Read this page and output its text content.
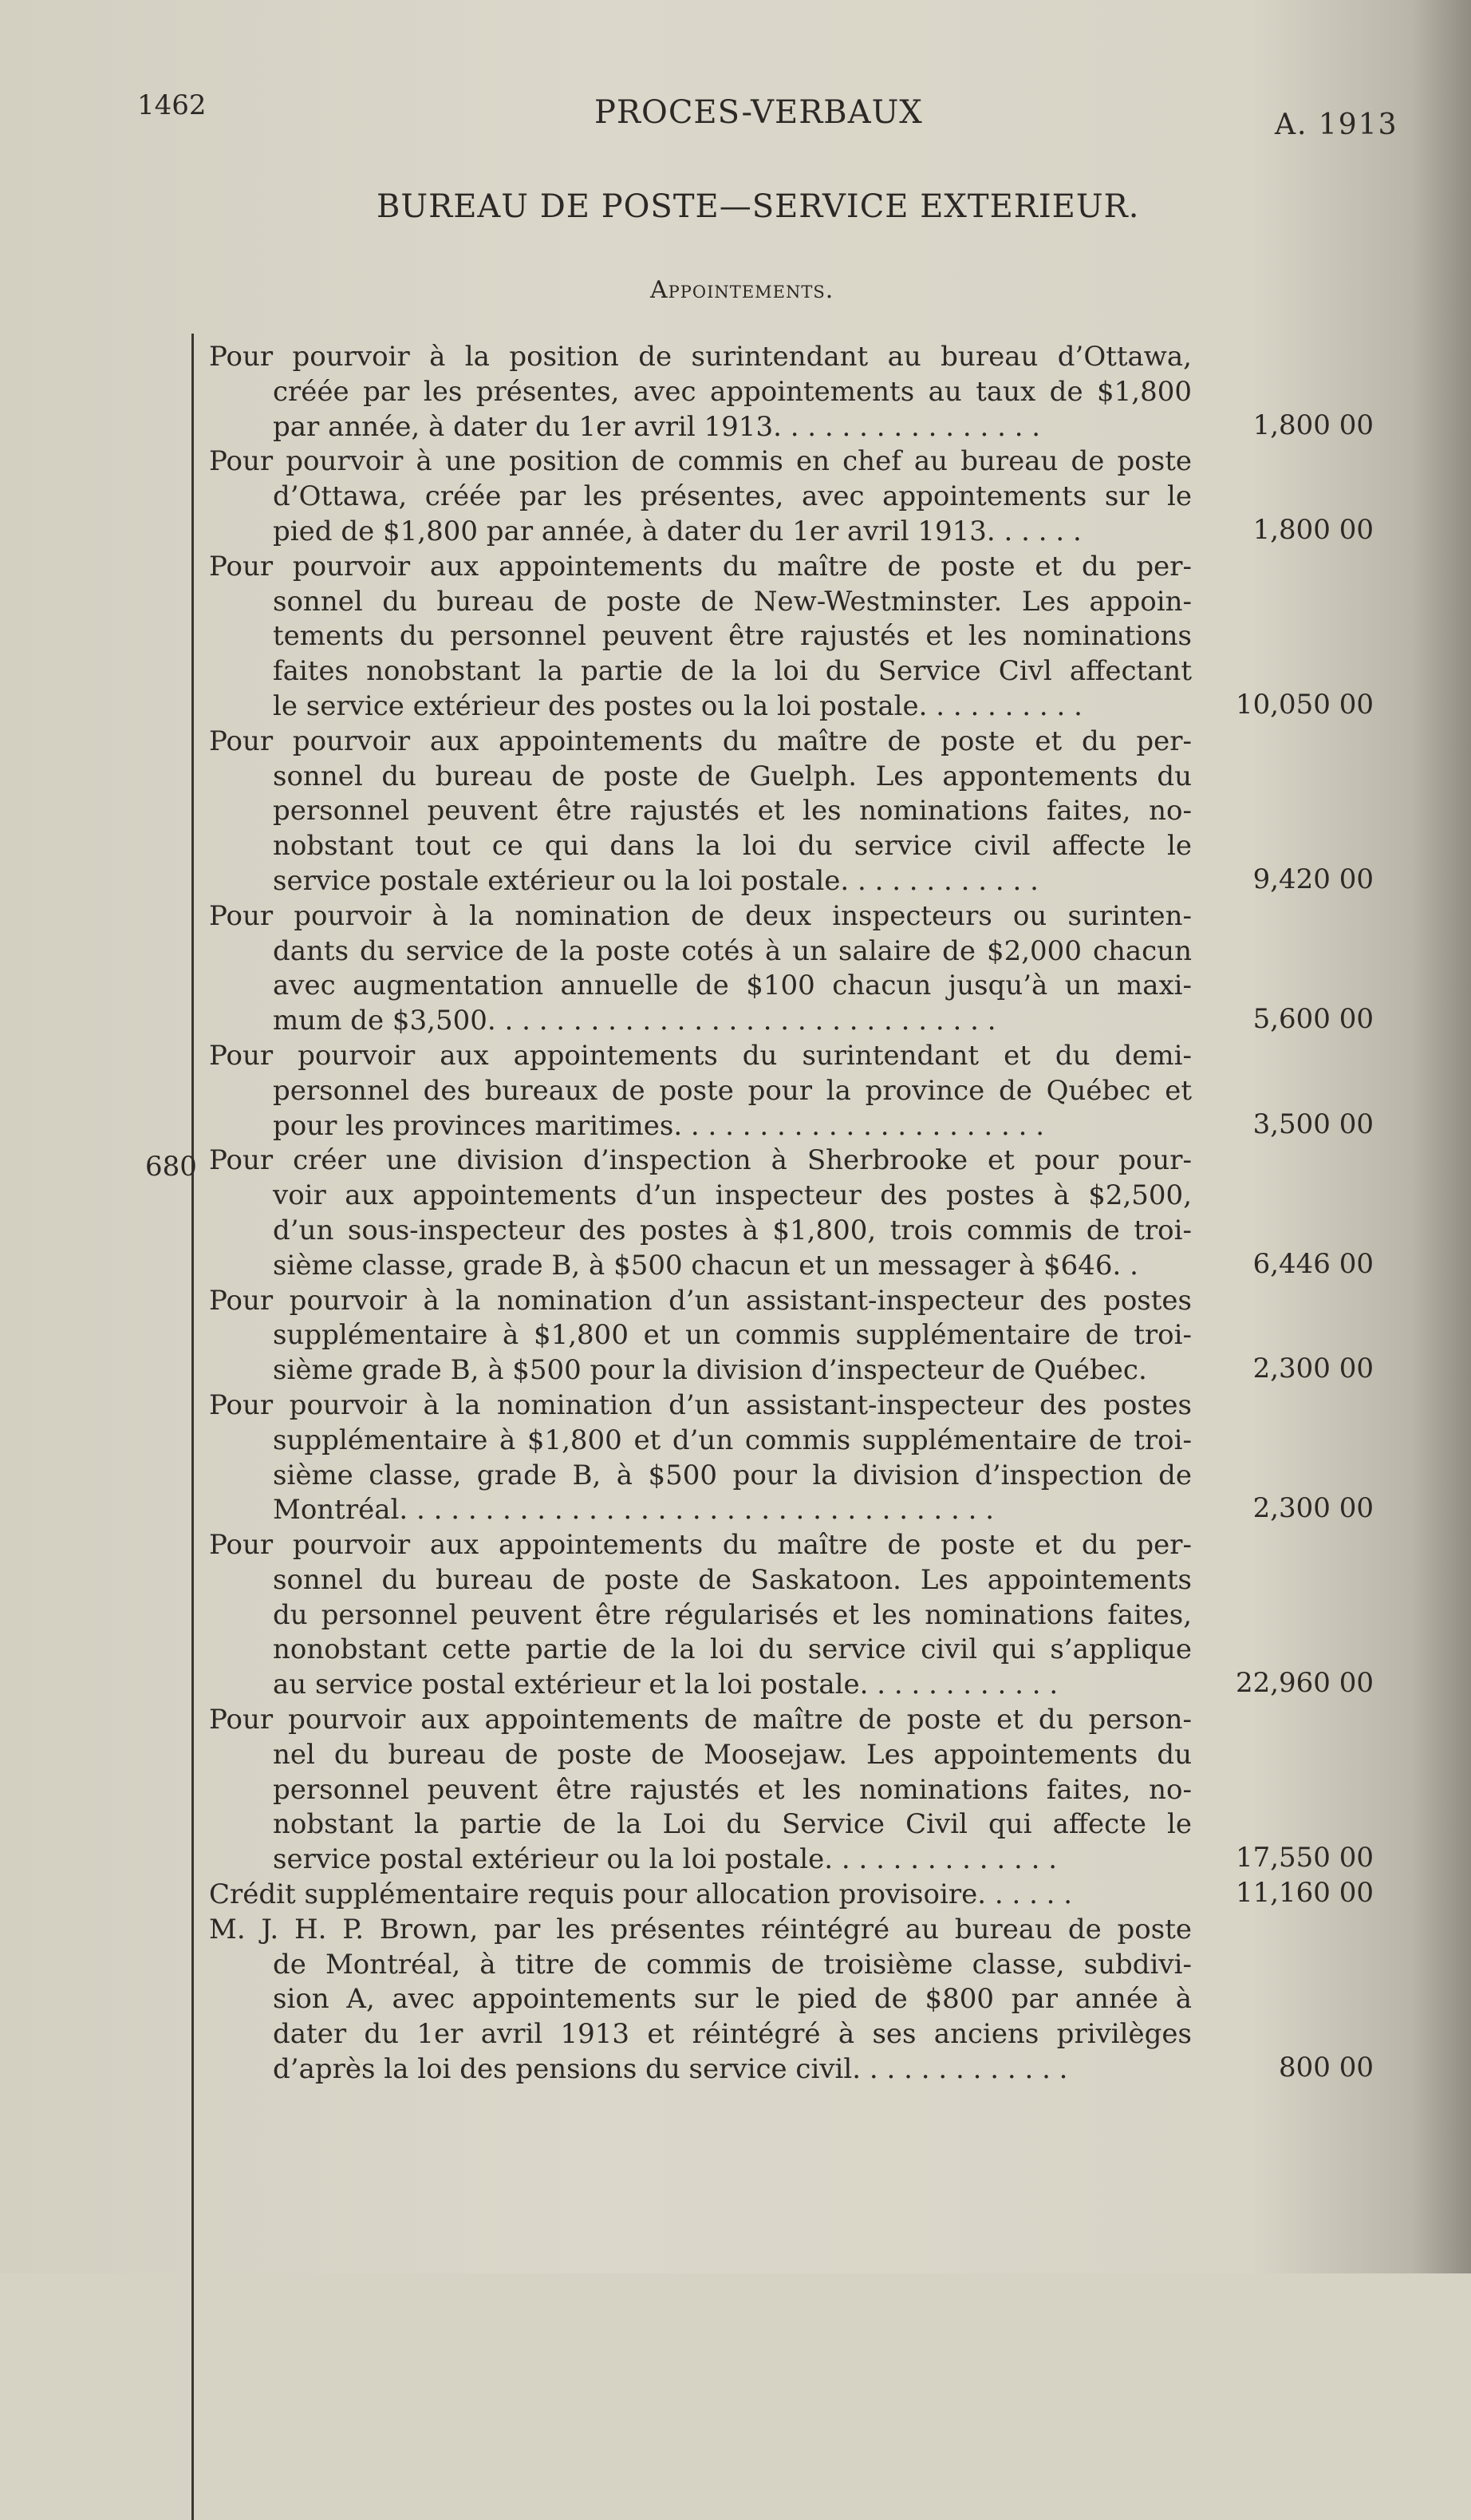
1462	PROCES-VERBAUX	A. 1913
BUREAU DE POSTE—SERVICE EXTERIEUR.
Appointements.
680
Pour pourvoir à la position de surintendant au bureau d’Ottawa,
créée par les présentes, avec appointements au taux de $1,800
par année, à dater du 1er avril 1913. . . . . . . . . . . . . . . .	1,800 00
Pour pourvoir à une position de commis en chef au bureau de poste
d’Ottawa, créée par les présentes, avec appointements sur le
pied de $1,800 par année, à dater du 1er avril 1913. . . . . .	1,800 00
Pour pourvoir aux appointements du maître de poste et du per-
sonnel du bureau de poste de New-Westminster. Les appoin-
tements du personnel peuvent être rajustés et les nominations
faites nonobstant la partie de la loi du Service Civl affectant
le service extérieur des postes ou la loi postale. . . . . . . . . .	10,050 00
Pour pourvoir aux appointements du maître de poste et du per-
sonnel du bureau de poste de Guelph. Les appontements du
personnel peuvent être rajustés et les nominations faites, no-
nobstant tout ce qui dans la loi du service civil affecte le
service postale extérieur ou la loi postale. . . . . . . . . . . .	9,420 00
Pour pourvoir à la nomination de deux inspecteurs ou surinten-
dants du service de la poste cotés à un salaire de $2,000 chacun
avec augmentation annuelle de $100 chacun jusqu’à un maxi-
mum de $3,500. . . . . . . . . . . . . . . . . . . . . . . . . . . . . .	5,600 00
Pour pourvoir aux appointements du surintendant et du demi-
personnel des bureaux de poste pour la province de Québec et
pour les provinces maritimes. . . . . . . . . . . . . . . . . . . . . .	3,500 00
Pour créer une division d’inspection à Sherbrooke et pour pour-
voir aux appointements d’un inspecteur des postes à $2,500,
d’un sous-inspecteur des postes à $1,800, trois commis de troi-
sième classe, grade B, à $500 chacun et un messager à $646. .	6,446 00
Pour pourvoir à la nomination d’un assistant-inspecteur des postes
supplémentaire à $1,800 et un commis supplémentaire de troi-
sième grade B, à $500 pour la division d’inspecteur de Québec.	2,300 00
Pour pourvoir à la nomination d’un assistant-inspecteur des postes
supplémentaire à $1,800 et d’un commis supplémentaire de troi-
sième classe, grade B, à $500 pour la division d’inspection de
Montréal. . . . . . . . . . . . . . . . . . . . . . . . . . . . . . . . . . .	2,300 00
Pour pourvoir aux appointements du maître de poste et du per-
sonnel du bureau de poste de Saskatoon. Les appointements
du personnel peuvent être régularisés et les nominations faites,
nonobstant cette partie de la loi du service civil qui s’applique
au service postal extérieur et la loi postale. . . . . . . . . . . .	22,960 00
Pour pourvoir aux appointements de maître de poste et du person-
nel du bureau de poste de Moosejaw. Les appointements du
personnel peuvent être rajustés et les nominations faites, no-
nobstant la partie de la Loi du Service Civil qui affecte le
service postal extérieur ou la loi postale. . . . . . . . . . . . . .	17,550 00
Crédit supplémentaire requis pour allocation provisoire. . . . . .	11,160 00
M. J. H. P. Brown, par les présentes réintégré au bureau de poste
de Montréal, à titre de commis de troisième classe, subdivi-
sion A, avec appointements sur le pied de $800 par année à
dater du 1er avril 1913 et réintégré à ses anciens privilèges
d’après la loi des pensions du service civil. . . . . . . . . . . . .	800 00
